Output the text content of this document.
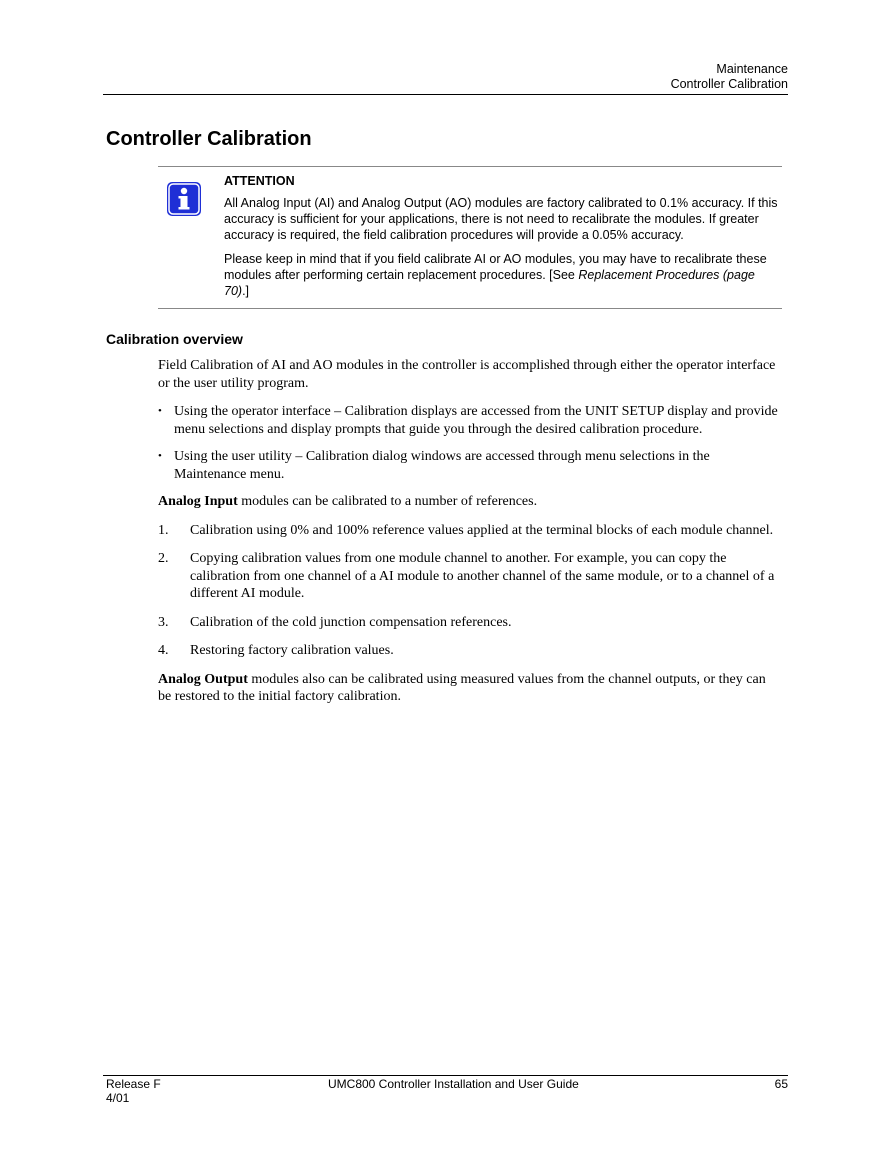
Maintenance
Controller Calibration
Controller Calibration
ATTENTION

All Analog Input (AI) and Analog Output (AO) modules are factory calibrated to 0.1% accuracy. If this accuracy is sufficient for your applications, there is not need to recalibrate the modules. If greater accuracy is required, the field calibration procedures will provide a 0.05% accuracy.

Please keep in mind that if you field calibrate AI or AO modules, you may have to recalibrate these modules after performing certain replacement procedures. [See Replacement Procedures (page 70).]

Calibration overview

Field Calibration of AI and AO modules in the controller is accomplished through either the operator interface or the user utility program.

• Using the operator interface – Calibration displays are accessed from the UNIT SETUP display and provide menu selections and display prompts that guide you through the desired calibration procedure.
• Using the user utility – Calibration dialog windows are accessed through menu selections in the Maintenance menu.

Analog Input modules can be calibrated to a number of references.

1. Calibration using 0% and 100% reference values applied at the terminal blocks of each module channel.
2. Copying calibration values from one module channel to another. For example, you can copy the calibration from one channel of a AI module to another channel of the same module, or to a channel of a different AI module.
3. Calibration of the cold junction compensation references.
4. Restoring factory calibration values.

Analog Output modules also can be calibrated using measured values from the channel outputs, or they can be restored to the initial factory calibration.

Release F
4/01
UMC800 Controller Installation and User Guide	65
